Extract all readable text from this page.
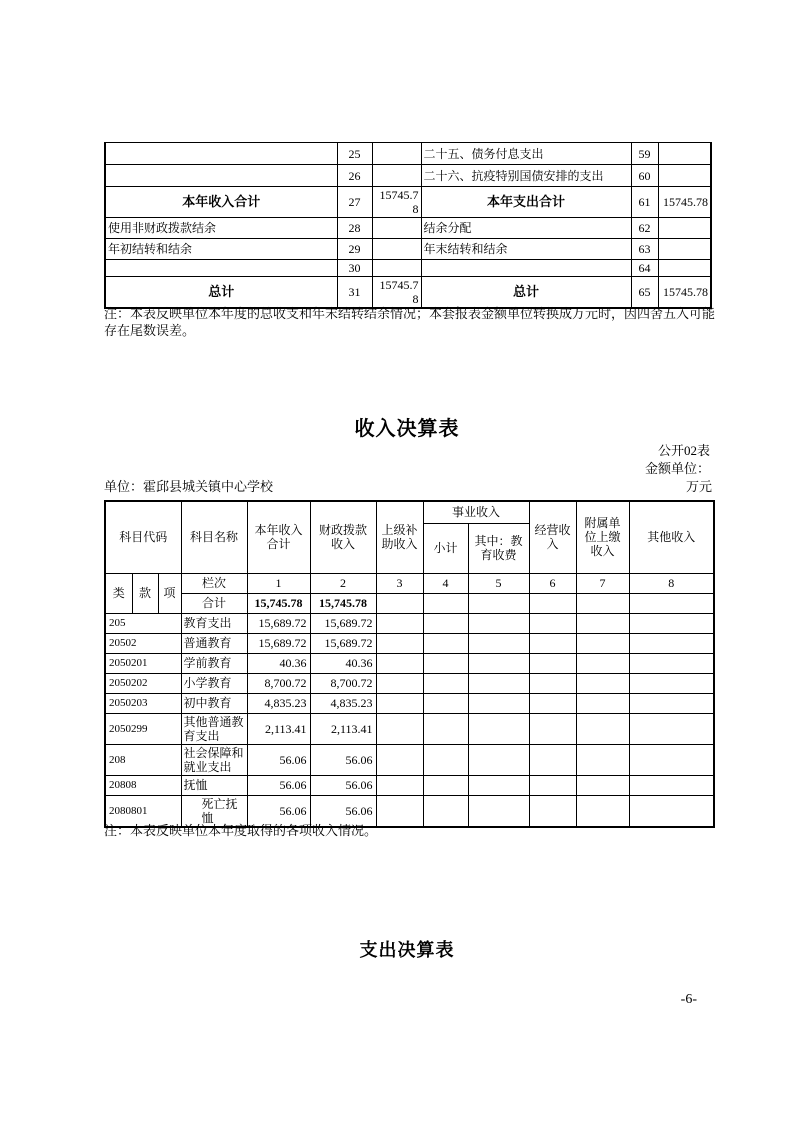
	25		二十五、债务付息支出	59	
	26		二十六、抗疫特别国债安排的支出	60	
本年收入合计	27	15745.78	本年支出合计	61	15745.78
使用非财政拨款结余	28		结余分配	62	
年初结转和结余	29		年末结转和结余	63	
	30			64	
总计	31	15745.78	总计	65	15745.78
注：本表反映单位本年度的总收支和年末结转结余情况；本套报表金额单位转换成万元时，因四舍五入可能存在尾数误差。
收入决算表
公开02表
金额单位：
单位：霍邱县城关镇中心学校	万元
科目代码			科目名称	本年收入合计	财政拨款收入	上级补助收入	事业收入		经营收入	附属单位上缴收入	其他收入
							小计	其中：教育收费			
类	款	项	栏次	1	2	3	4	5	6	7	8
			合计	15,745.78	15,745.78						
205			教育支出	15,689.72	15,689.72						
20502			普通教育	15,689.72	15,689.72						
2050201			学前教育	40.36	40.36						
2050202			小学教育	8,700.72	8,700.72						
2050203			初中教育	4,835.23	4,835.23						
2050299			其他普通教育支出	2,113.41	2,113.41						
208			社会保障和就业支出	56.06	56.06						
20808			抚恤	56.06	56.06						
2080801			死亡抚恤	56.06	56.06						
注：本表反映单位本年度取得的各项收入情况。
支出决算表
-6-
